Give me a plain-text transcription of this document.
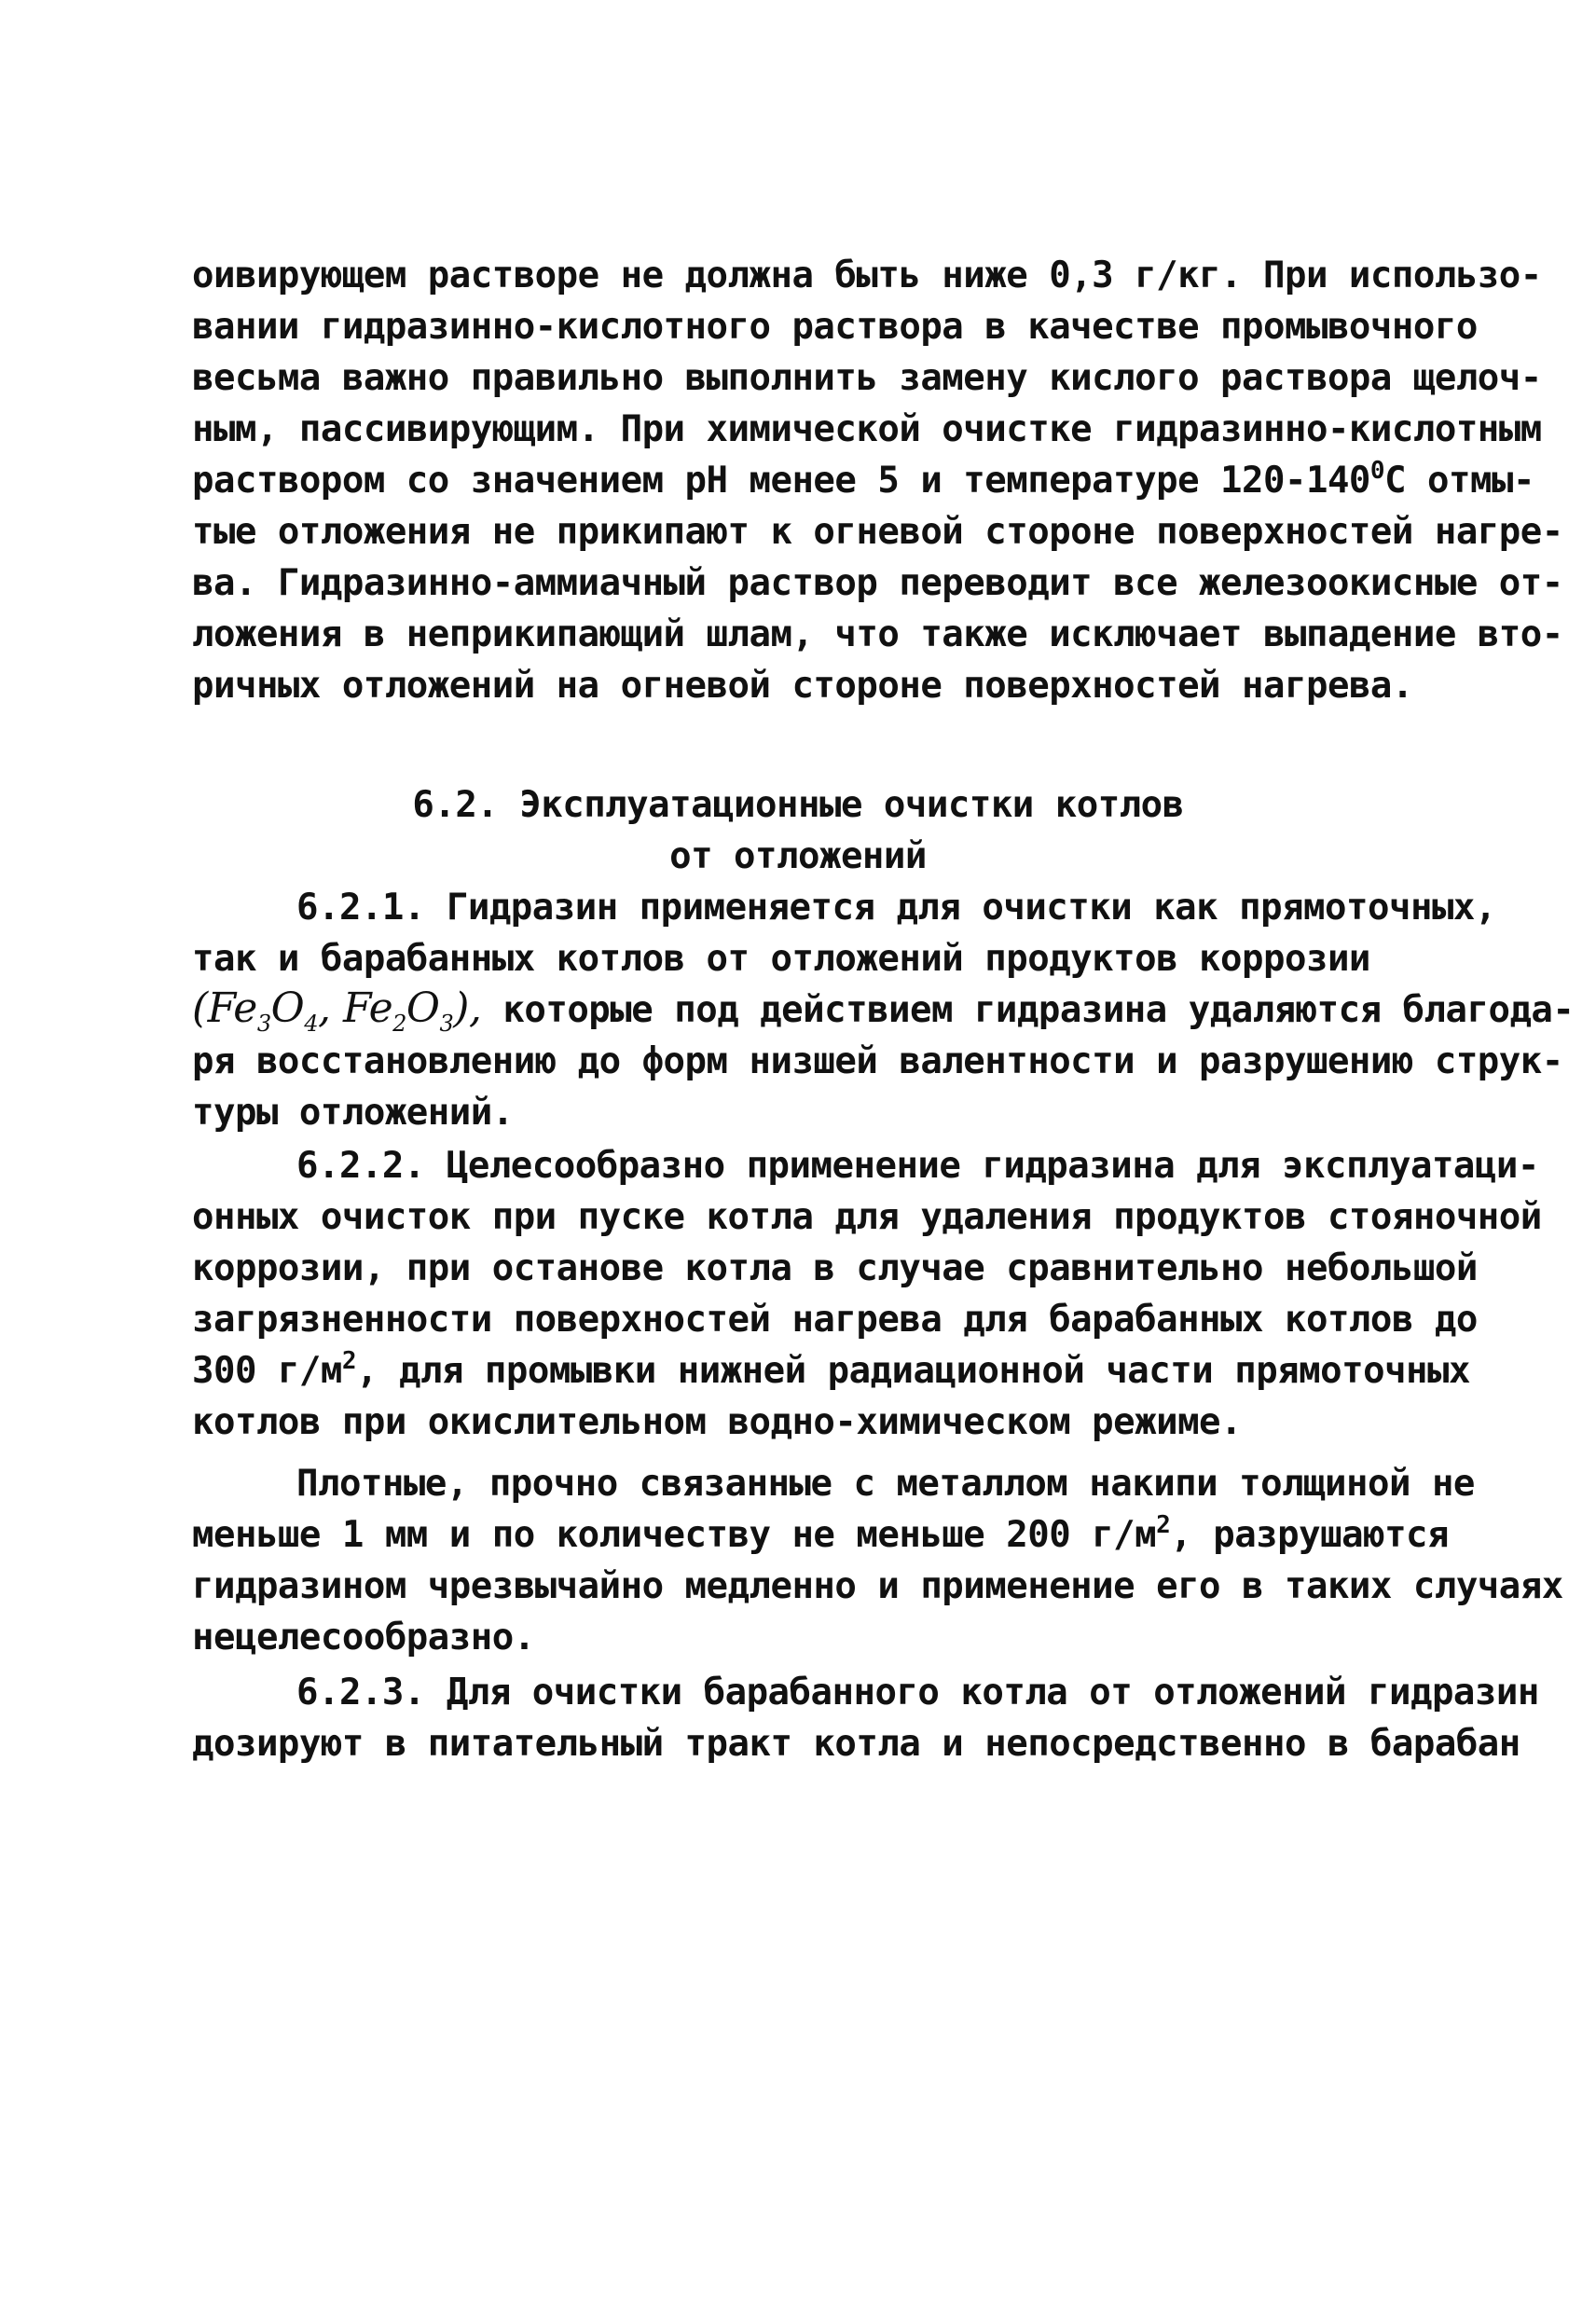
оивирующем растворе не должна быть ниже 0,3 г/кг. При использо-
вании гидразинно-кислотного раствора в качестве промывочного
весьма важно правильно выполнить замену кислого раствора щелоч-
ным, пассивирующим. При химической очистке гидразинно-кислотным
раствором со значением pH менее 5 и температуре $120-140^0С$ отмы-
тые отложения не прикипают к огневой стороне поверхностей нагре-
ва. Гидразинно-аммиачный раствор переводит все железоокисные от-
ложения в неприкипающий шлам, что также исключает выпадение вто-
ричных отложений на огневой стороне поверхностей нагрева.
6.2. Эксплуатационные очистки котлов
от отложений
6.2.1. Гидразин применяется для очистки как прямоточных,
так и барабанных котлов от отложений продуктов коррозии
($Fe_3O_4$, $Fe_2O_3$), которые под действием гидразина удаляются благода-
ря восстановлению до форм низшей валентности и разрушению струк-
туры отложений.
6.2.2. Целесообразно применение гидразина для эксплуатаци-
онных очисток при пуске котла для удаления продуктов стояночной
коррозии, при останове котла в случае сравнительно небольшой
загрязненности поверхностей нагрева для барабанных котлов до
300 $г/м^2$, для промывки нижней радиационной части прямоточных
котлов при окислительном водно-химическом режиме.
Плотные, прочно связанные с металлом накипи толщиной не
меньше 1 мм и по количеству не меньше 200 $г/м^2$, разрушаются
гидразином чрезвычайно медленно и применение его в таких случаях
нецелесообразно.
6.2.3. Для очистки барабанного котла от отложений гидразин
дозируют в питательный тракт котла и непосредственно в барабан
